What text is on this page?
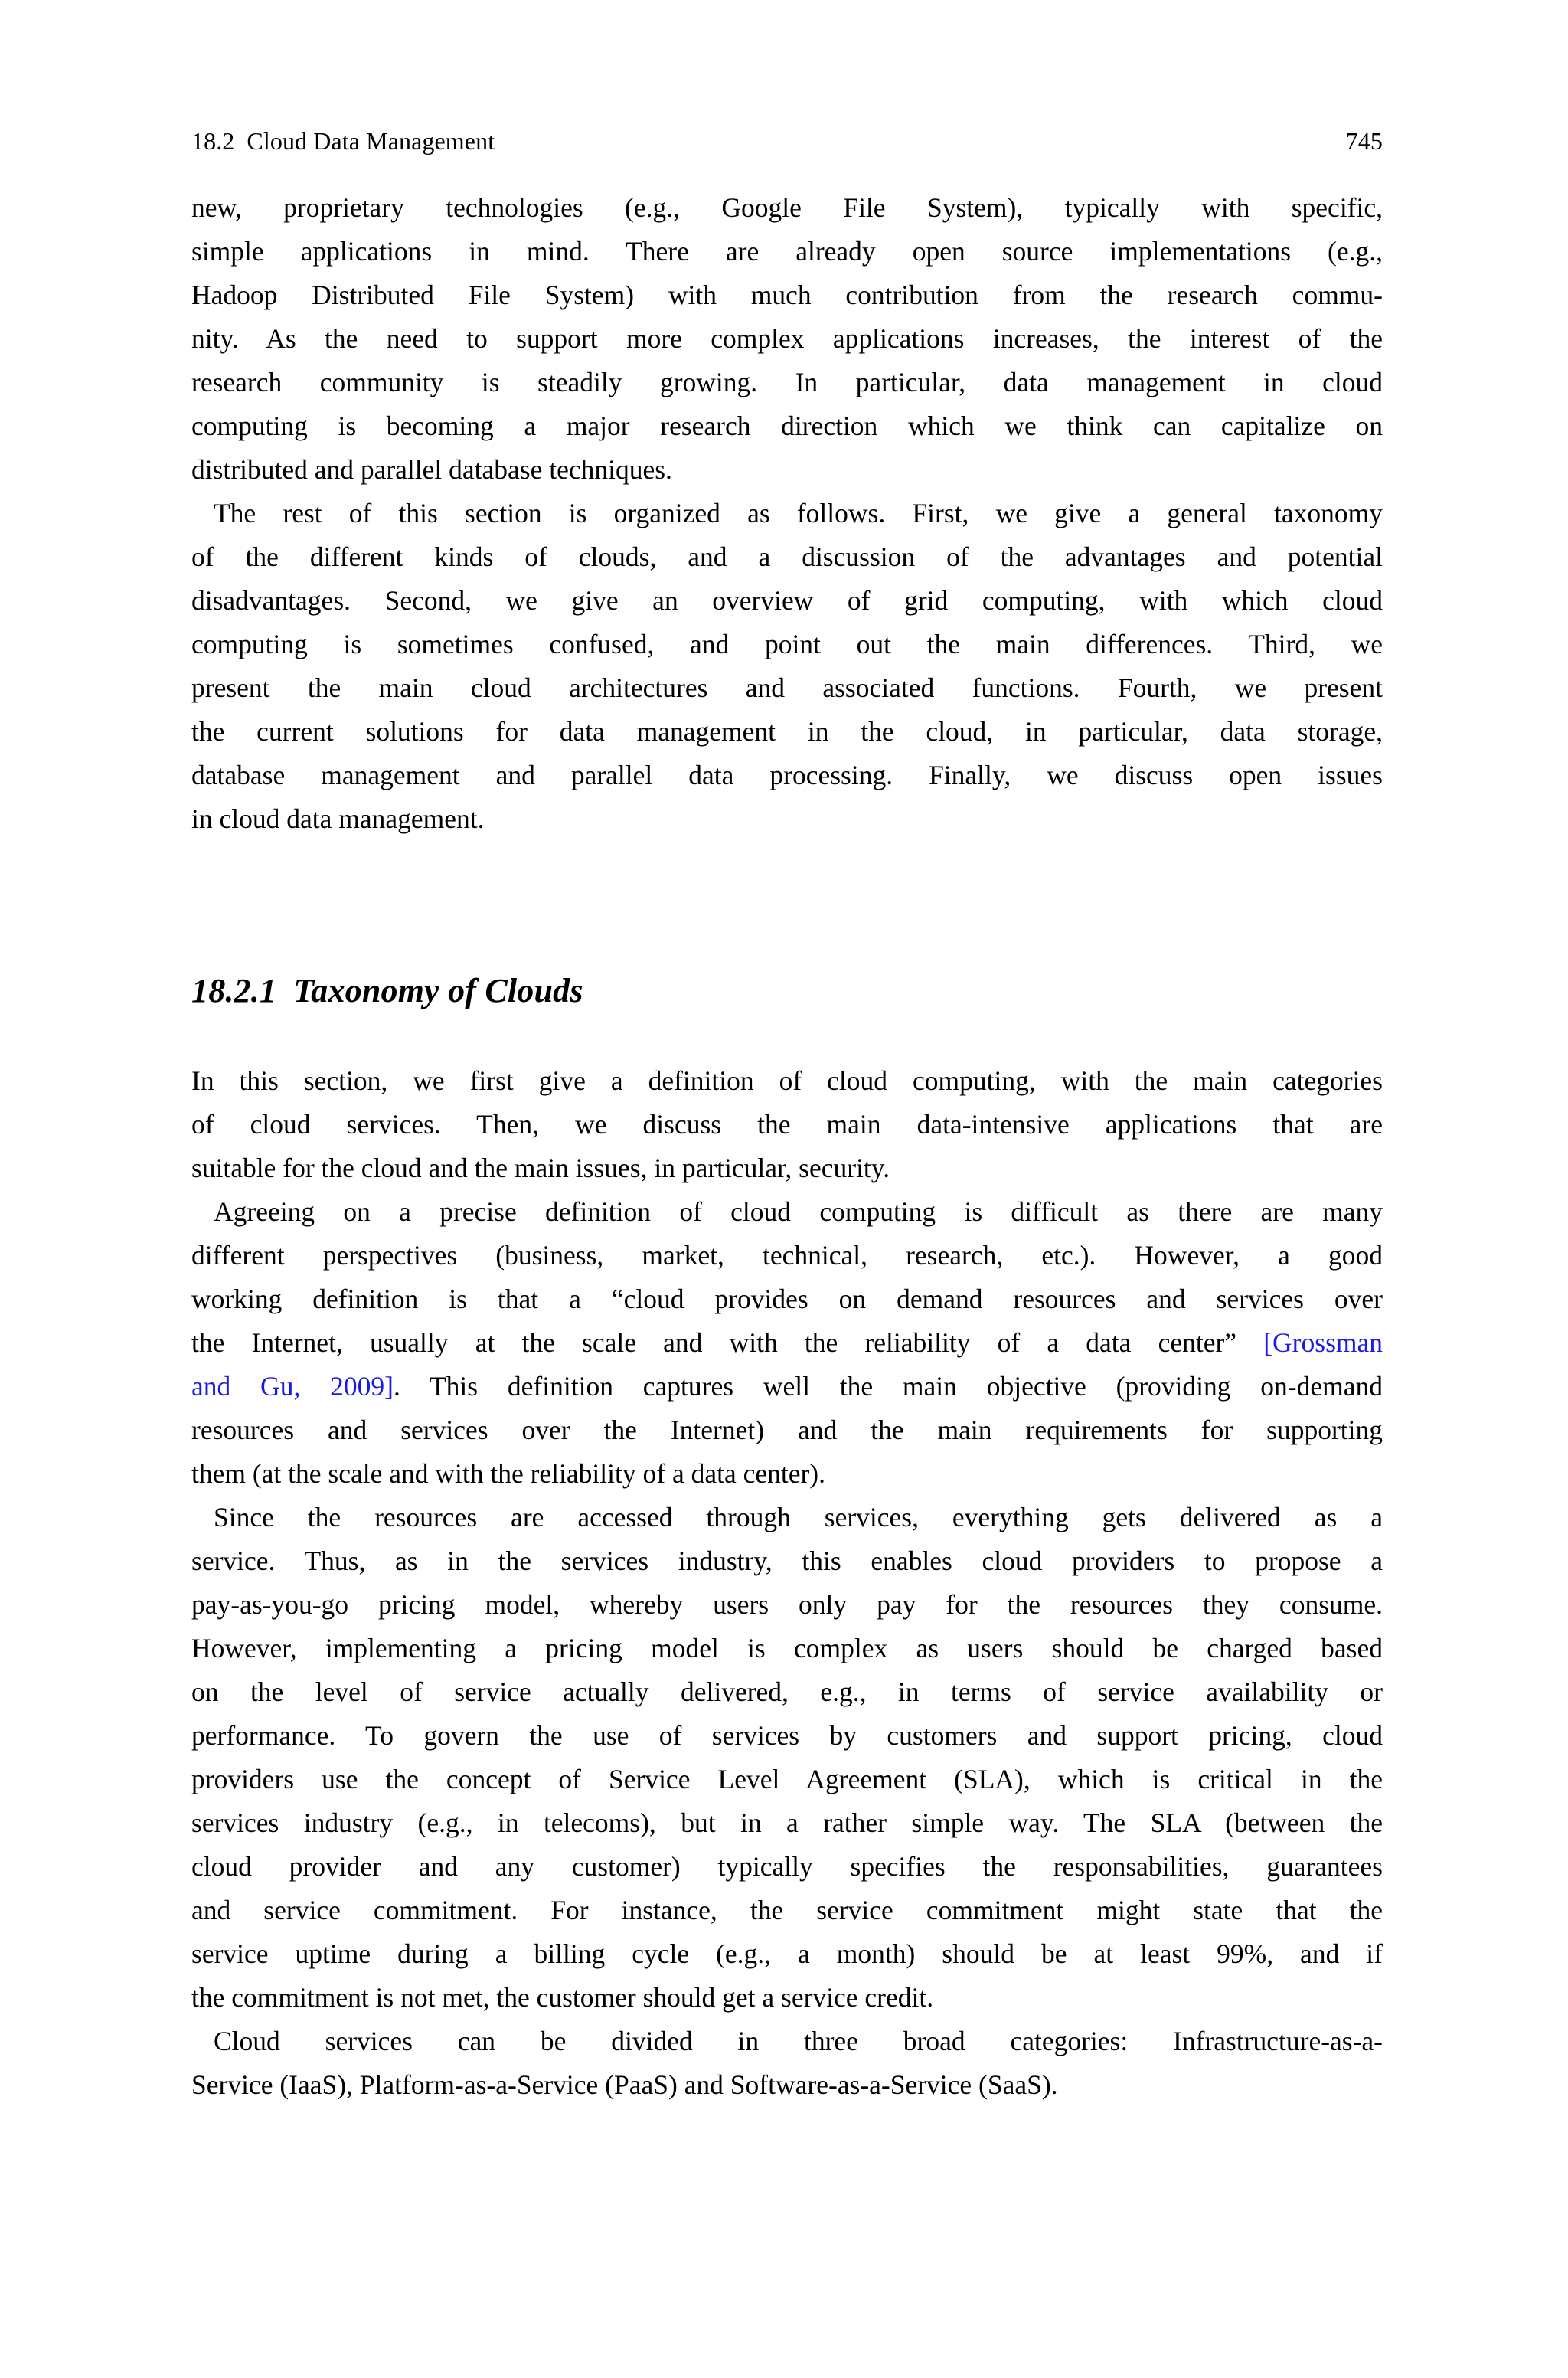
18.2 Cloud Data Management	745

new, proprietary technologies (e.g., Google File System), typically with specific,
simple applications in mind. There are already open source implementations (e.g.,
Hadoop Distributed File System) with much contribution from the research commu-
nity. As the need to support more complex applications increases, the interest of the
research community is steadily growing. In particular, data management in cloud
computing is becoming a major research direction which we think can capitalize on
distributed and parallel database techniques.

The rest of this section is organized as follows. First, we give a general taxonomy
of the different kinds of clouds, and a discussion of the advantages and potential
disadvantages. Second, we give an overview of grid computing, with which cloud
computing is sometimes confused, and point out the main differences. Third, we
present the main cloud architectures and associated functions. Fourth, we present
the current solutions for data management in the cloud, in particular, data storage,
database management and parallel data processing. Finally, we discuss open issues
in cloud data management.

18.2.1 Taxonomy of Clouds

In this section, we first give a definition of cloud computing, with the main categories
of cloud services. Then, we discuss the main data-intensive applications that are
suitable for the cloud and the main issues, in particular, security.

Agreeing on a precise definition of cloud computing is difficult as there are many
different perspectives (business, market, technical, research, etc.). However, a good
working definition is that a “cloud provides on demand resources and services over
the Internet, usually at the scale and with the reliability of a data center” [Grossman
and Gu, 2009]. This definition captures well the main objective (providing on-demand
resources and services over the Internet) and the main requirements for supporting
them (at the scale and with the reliability of a data center).

Since the resources are accessed through services, everything gets delivered as a
service. Thus, as in the services industry, this enables cloud providers to propose a
pay-as-you-go pricing model, whereby users only pay for the resources they consume.
However, implementing a pricing model is complex as users should be charged based
on the level of service actually delivered, e.g., in terms of service availability or
performance. To govern the use of services by customers and support pricing, cloud
providers use the concept of Service Level Agreement (SLA), which is critical in the
services industry (e.g., in telecoms), but in a rather simple way. The SLA (between the
cloud provider and any customer) typically specifies the responsabilities, guarantees
and service commitment. For instance, the service commitment might state that the
service uptime during a billing cycle (e.g., a month) should be at least 99%, and if
the commitment is not met, the customer should get a service credit.

Cloud services can be divided in three broad categories: Infrastructure-as-a-
Service (IaaS), Platform-as-a-Service (PaaS) and Software-as-a-Service (SaaS).
